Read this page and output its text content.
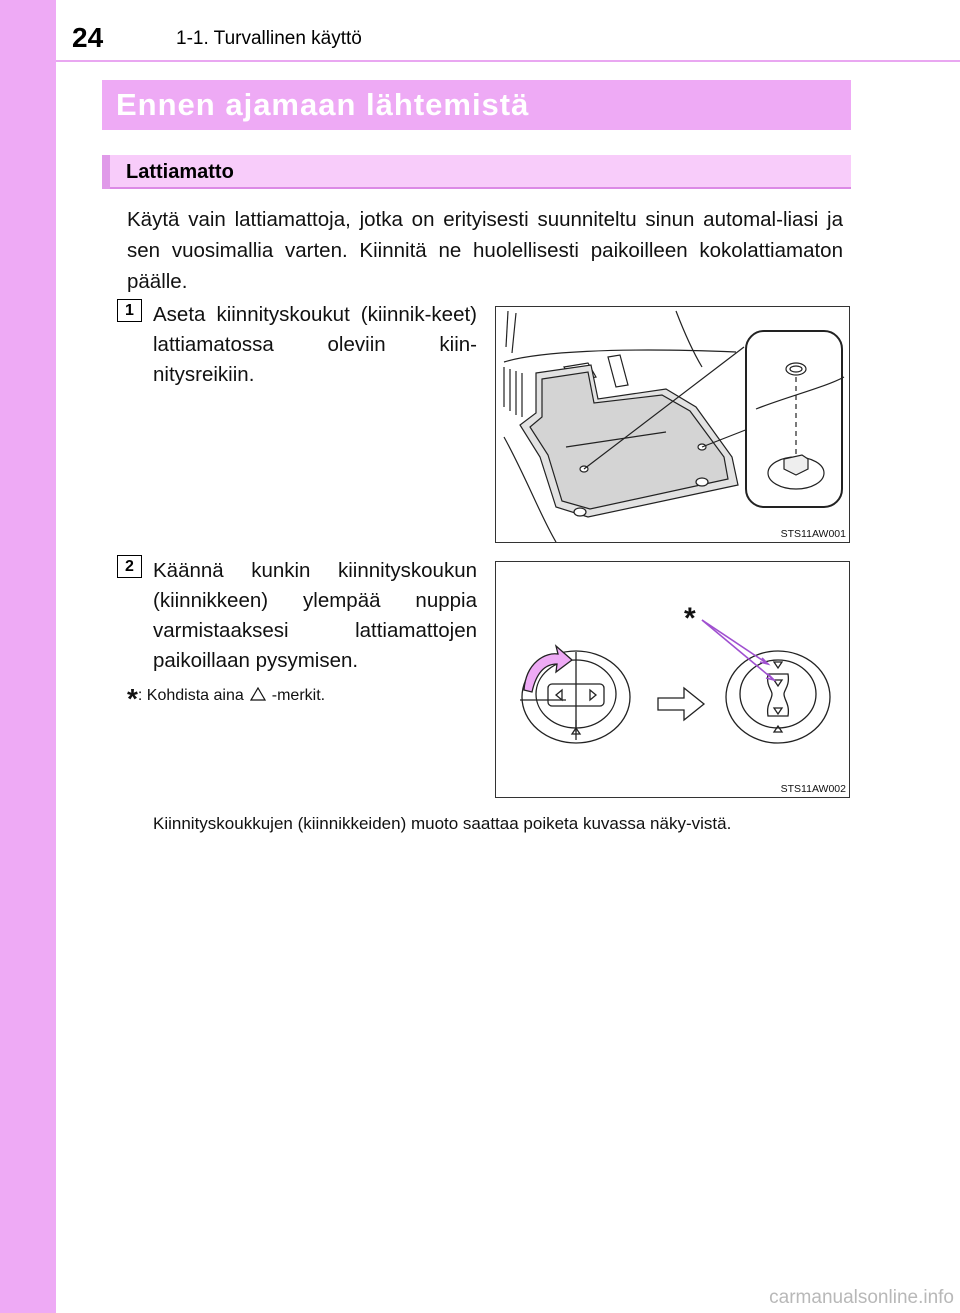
24	1-1. Turvallinen käyttö
Ennen ajamaan lähtemistä
Lattiamatto
Käytä vain lattiamattoja, jotka on erityisesti suunniteltu sinun automal-liasi ja sen vuosimallia varten. Kiinnitä ne huolellisesti paikoilleen kokolattiamaton päälle.
1 Aseta kiinnityskoukut (kiinnik-keet) lattiamatossa oleviin kiin-nitysreikiin.
STS11AW001
2 Käännä kunkin kiinnityskoukun (kiinnikkeen) ylempää nuppia varmistaaksesi lattiamattojen paikoillaan pysymisen.
*: Kohdista aina -merkit.
*
STS11AW002
Kiinnityskoukkujen (kiinnikkeiden) muoto saattaa poiketa kuvassa näky-vistä.
carmanualsonline.info
